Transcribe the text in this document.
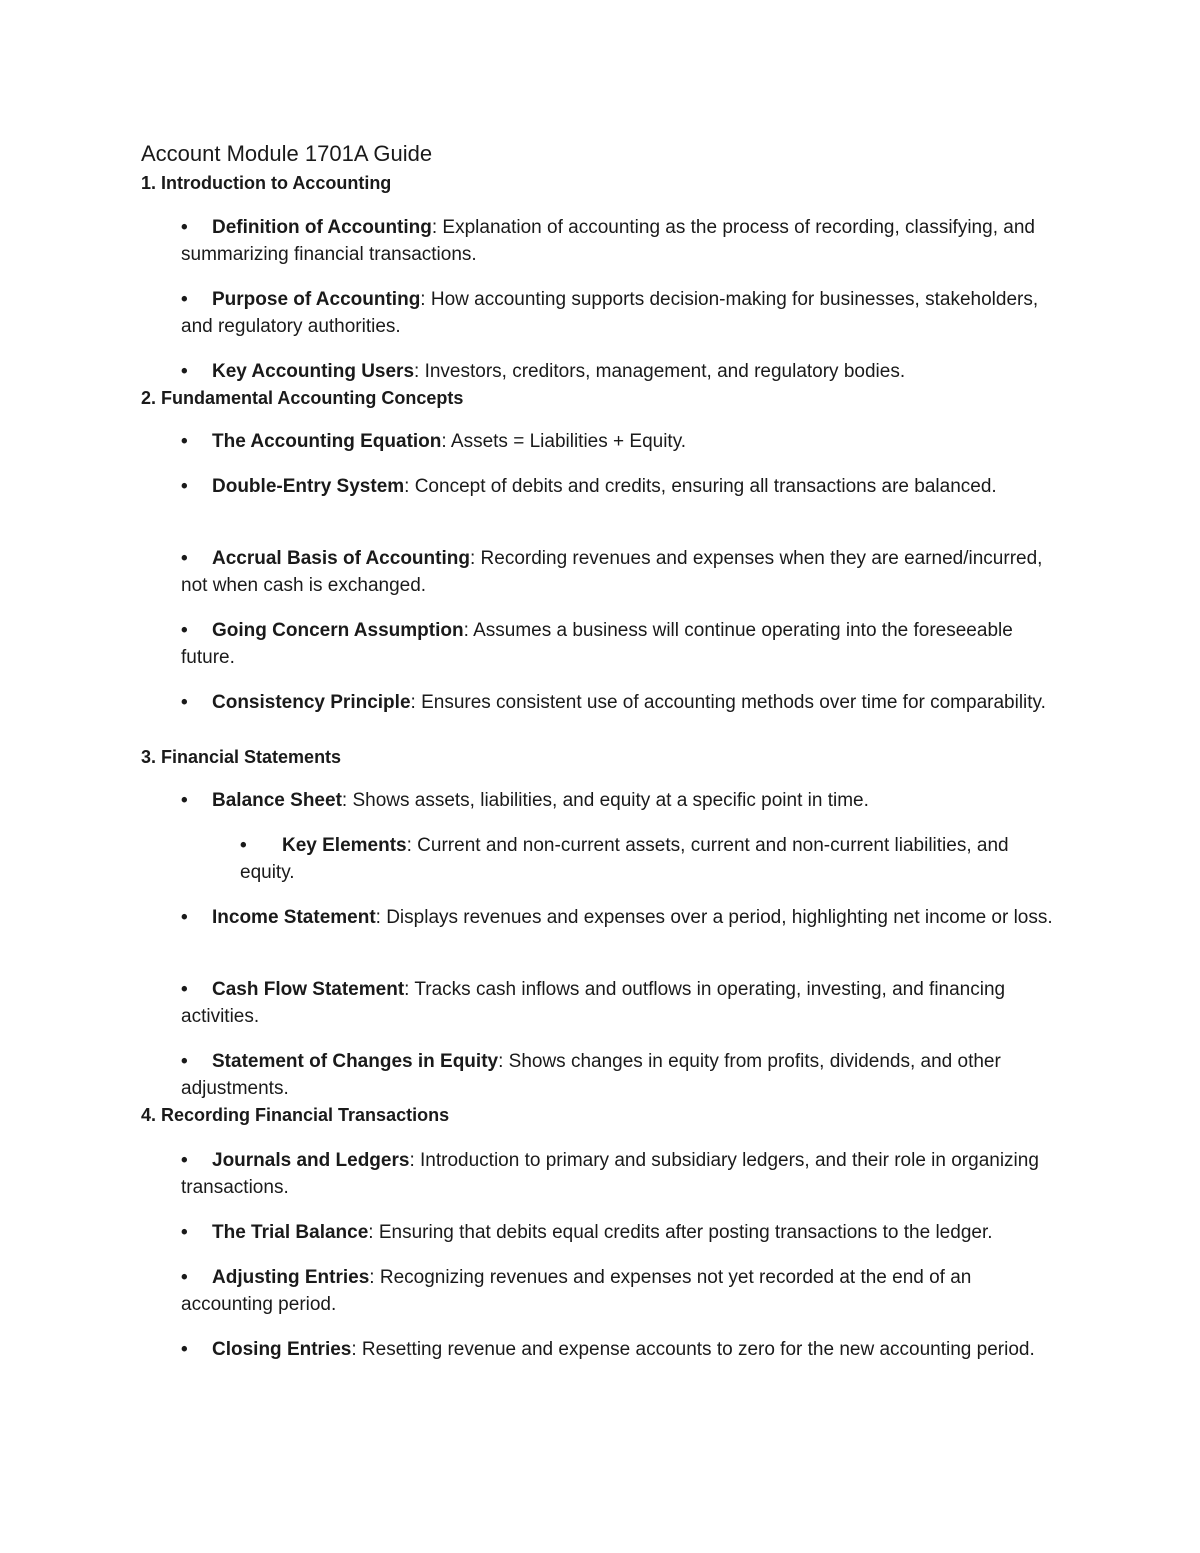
Account Module 1701A Guide
1. Introduction to Accounting

• Definition of Accounting: Explanation of accounting as the process of recording, classifying, and summarizing financial transactions.

• Purpose of Accounting: How accounting supports decision-making for businesses, stakeholders, and regulatory authorities.

• Key Accounting Users: Investors, creditors, management, and regulatory bodies.

2. Fundamental Accounting Concepts

• The Accounting Equation: Assets = Liabilities + Equity.

• Double-Entry System: Concept of debits and credits, ensuring all transactions are balanced.

• Accrual Basis of Accounting: Recording revenues and expenses when they are earned/incurred, not when cash is exchanged.

• Going Concern Assumption: Assumes a business will continue operating into the foreseeable future.

• Consistency Principle: Ensures consistent use of accounting methods over time for comparability.

3. Financial Statements

• Balance Sheet: Shows assets, liabilities, and equity at a specific point in time.

• Key Elements: Current and non-current assets, current and non-current liabilities, and equity.

• Income Statement: Displays revenues and expenses over a period, highlighting net income or loss.

• Cash Flow Statement: Tracks cash inflows and outflows in operating, investing, and financing activities.

• Statement of Changes in Equity: Shows changes in equity from profits, dividends, and other adjustments.

4. Recording Financial Transactions

• Journals and Ledgers: Introduction to primary and subsidiary ledgers, and their role in organizing transactions.

• The Trial Balance: Ensuring that debits equal credits after posting transactions to the ledger.

• Adjusting Entries: Recognizing revenues and expenses not yet recorded at the end of an accounting period.

• Closing Entries: Resetting revenue and expense accounts to zero for the new accounting period.
